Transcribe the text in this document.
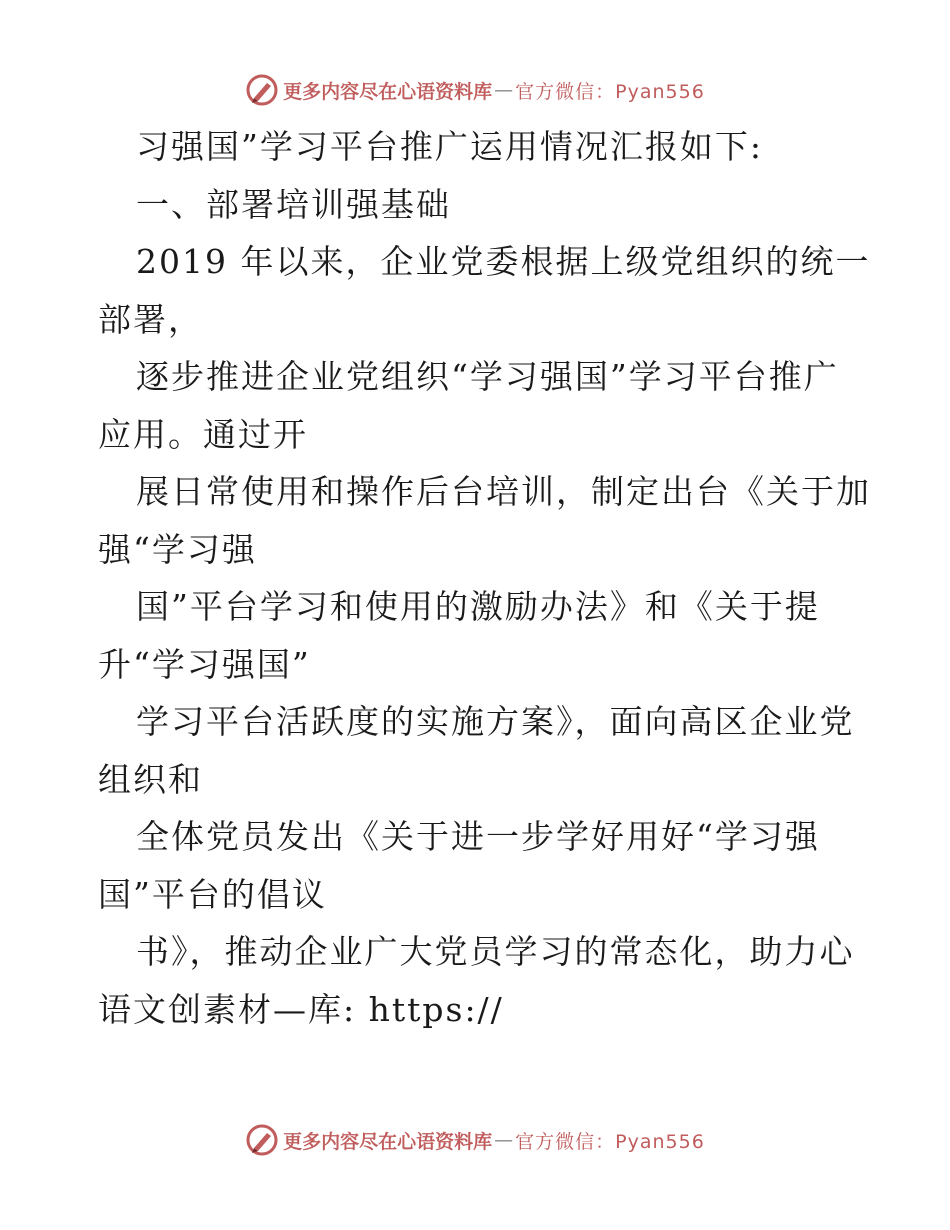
更多内容尽在心语资料库 — 官方微信：Pyan556
习强国”学习平台推广运用情况汇报如下:
一、部署培训强基础
2019 年以来，企业党委根据上级党组织的统一
部署，
逐步推进企业党组织“学习强国”学习平台推广
应用。通过开
展日常使用和操作后台培训，制定出台《关于加
强“学习强
国”平台学习和使用的激励办法》和《关于提
升“学习强国”
学习平台活跃度的实施方案》，面向高区企业党
组织和
全体党员发出《关于进一步学好用好“学习强
国”平台的倡议
书》，推动企业广大党员学习的常态化，助力心
语文创素材—库: https://
更多内容尽在心语资料库 — 官方微信：Pyan556
